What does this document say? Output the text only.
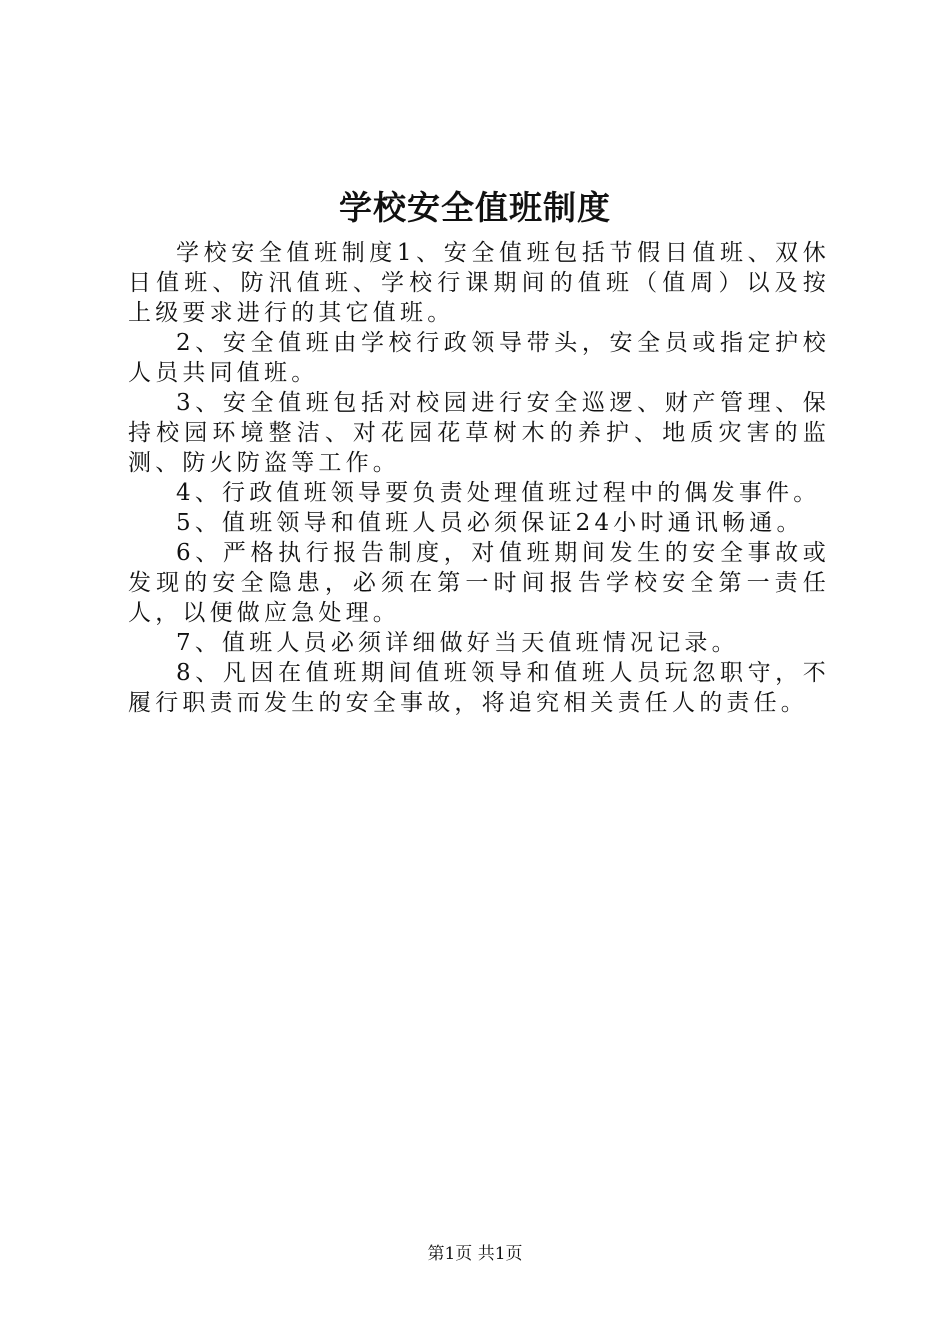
学校安全值班制度

学校安全值班制度1、安全值班包括节假日值班、双休日值班、防汛值班、学校行课期间的值班（值周）以及按上级要求进行的其它值班。

2、安全值班由学校行政领导带头，安全员或指定护校人员共同值班。

3、安全值班包括对校园进行安全巡逻、财产管理、保持校园环境整洁、对花园花草树木的养护、地质灾害的监测、防火防盗等工作。

4、行政值班领导要负责处理值班过程中的偶发事件。

5、值班领导和值班人员必须保证24小时通讯畅通。

6、严格执行报告制度，对值班期间发生的安全事故或发现的安全隐患，必须在第一时间报告学校安全第一责任人，以便做应急处理。

7、值班人员必须详细做好当天值班情况记录。

8、凡因在值班期间值班领导和值班人员玩忽职守，不履行职责而发生的安全事故，将追究相关责任人的责任。

第1页 共1页
